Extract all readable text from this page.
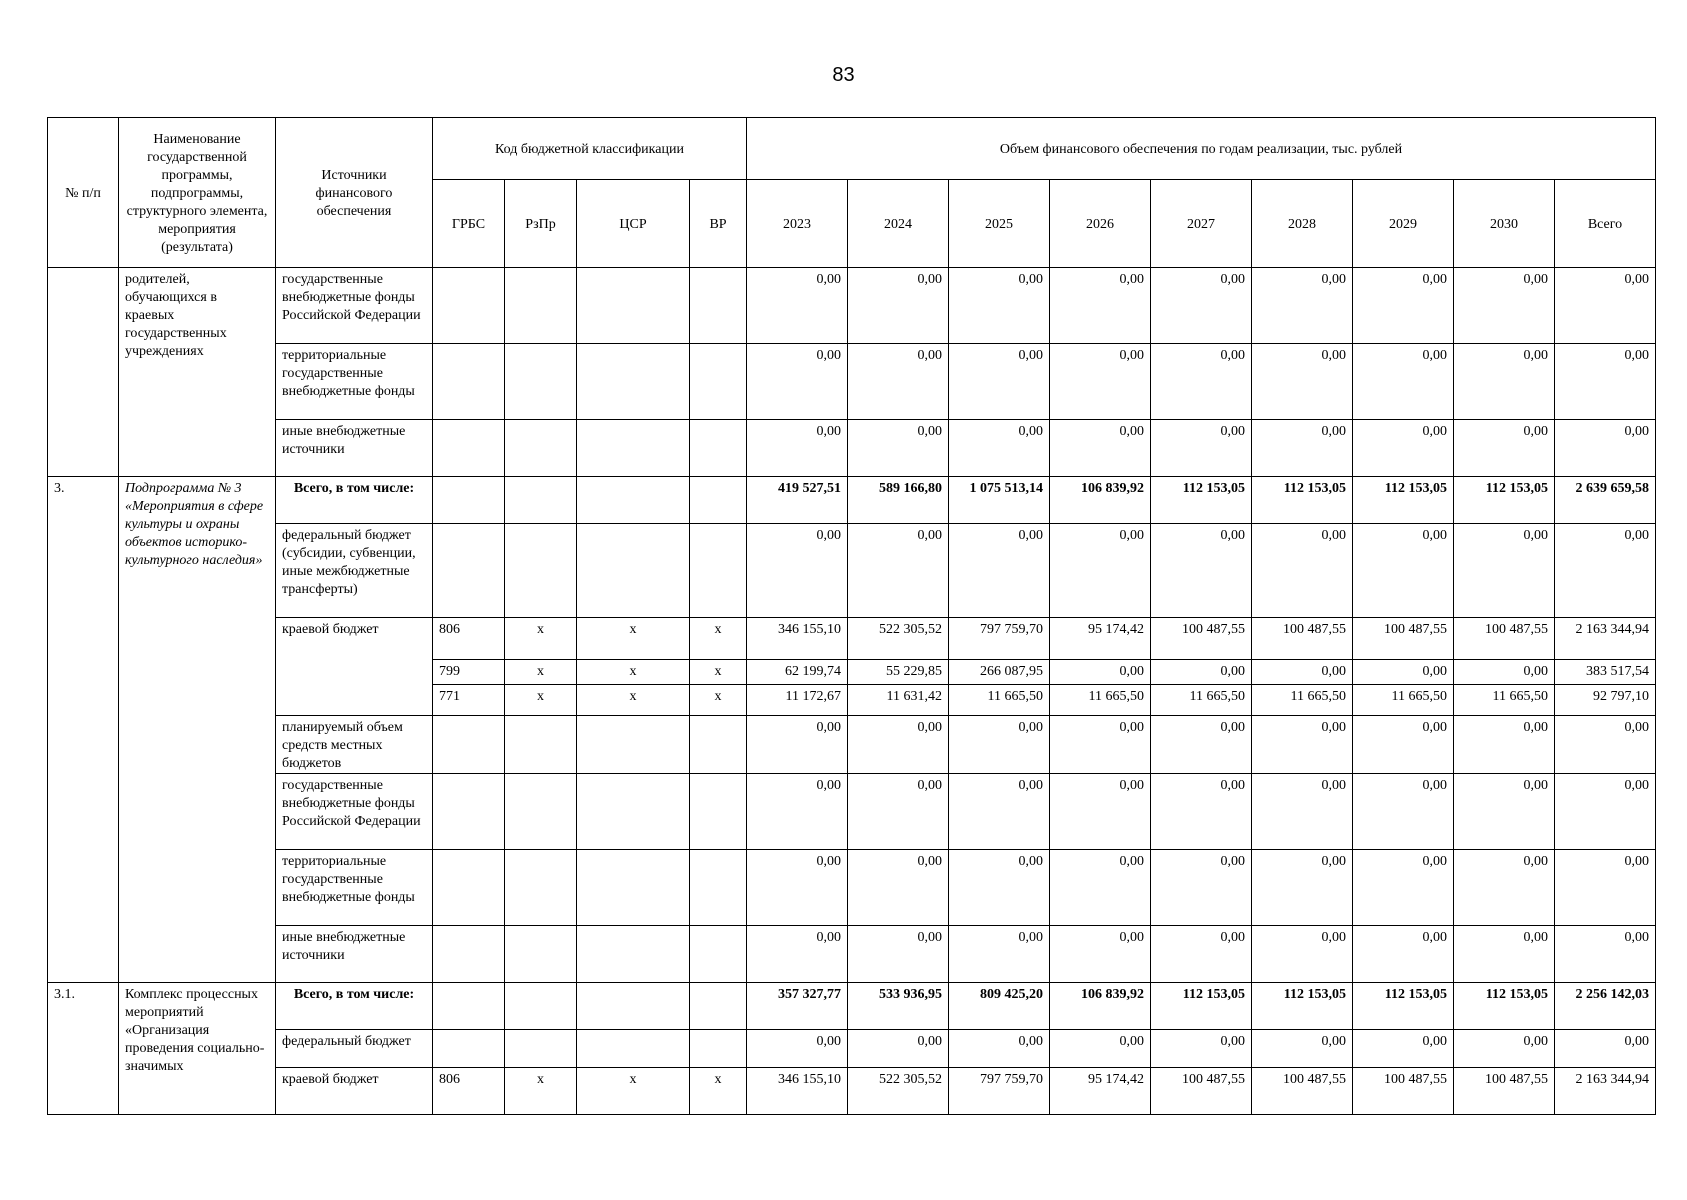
83
№ п/п	Наименование государственной программы, подпрограммы, структурного элемента, мероприятия (результата)	Источники финансового обеспечения	Код бюджетной классификации				Объем финансового обеспечения по годам реализации, тыс. рублей								
			ГРБС	РзПр	ЦСР	ВР	2023	2024	2025	2026	2027	2028	2029	2030	Всего
	родителей, обучающихся в краевых государственных учреждениях	государственные внебюджетные фонды Российской Федерации					0,00	0,00	0,00	0,00	0,00	0,00	0,00	0,00	0,00
		территориальные государственные внебюджетные фонды					0,00	0,00	0,00	0,00	0,00	0,00	0,00	0,00	0,00
		иные внебюджетные источники					0,00	0,00	0,00	0,00	0,00	0,00	0,00	0,00	0,00
3.	Подпрограмма № 3 «Мероприятия в сфере культуры и охраны объектов историко-культурного наследия»	Всего, в том числе:					419 527,51	589 166,80	1 075 513,14	106 839,92	112 153,05	112 153,05	112 153,05	112 153,05	2 639 659,58
		федеральный бюджет (субсидии, субвенции, иные межбюджетные трансферты)					0,00	0,00	0,00	0,00	0,00	0,00	0,00	0,00	0,00
		краевой бюджет	806	х	х	х	346 155,10	522 305,52	797 759,70	95 174,42	100 487,55	100 487,55	100 487,55	100 487,55	2 163 344,94
			799	х	х	х	62 199,74	55 229,85	266 087,95	0,00	0,00	0,00	0,00	0,00	383 517,54
			771	х	х	х	11 172,67	11 631,42	11 665,50	11 665,50	11 665,50	11 665,50	11 665,50	11 665,50	92 797,10
		планируемый объем средств местных бюджетов					0,00	0,00	0,00	0,00	0,00	0,00	0,00	0,00	0,00
		государственные внебюджетные фонды Российской Федерации					0,00	0,00	0,00	0,00	0,00	0,00	0,00	0,00	0,00
		территориальные государственные внебюджетные фонды					0,00	0,00	0,00	0,00	0,00	0,00	0,00	0,00	0,00
		иные внебюджетные источники					0,00	0,00	0,00	0,00	0,00	0,00	0,00	0,00	0,00
3.1.	Комплекс процессных мероприятий «Организация проведения социально-значимых	Всего, в том числе:					357 327,77	533 936,95	809 425,20	106 839,92	112 153,05	112 153,05	112 153,05	112 153,05	2 256 142,03
		федеральный бюджет					0,00	0,00	0,00	0,00	0,00	0,00	0,00	0,00	0,00
		краевой бюджет	806	х	х	х	346 155,10	522 305,52	797 759,70	95 174,42	100 487,55	100 487,55	100 487,55	100 487,55	2 163 344,94
